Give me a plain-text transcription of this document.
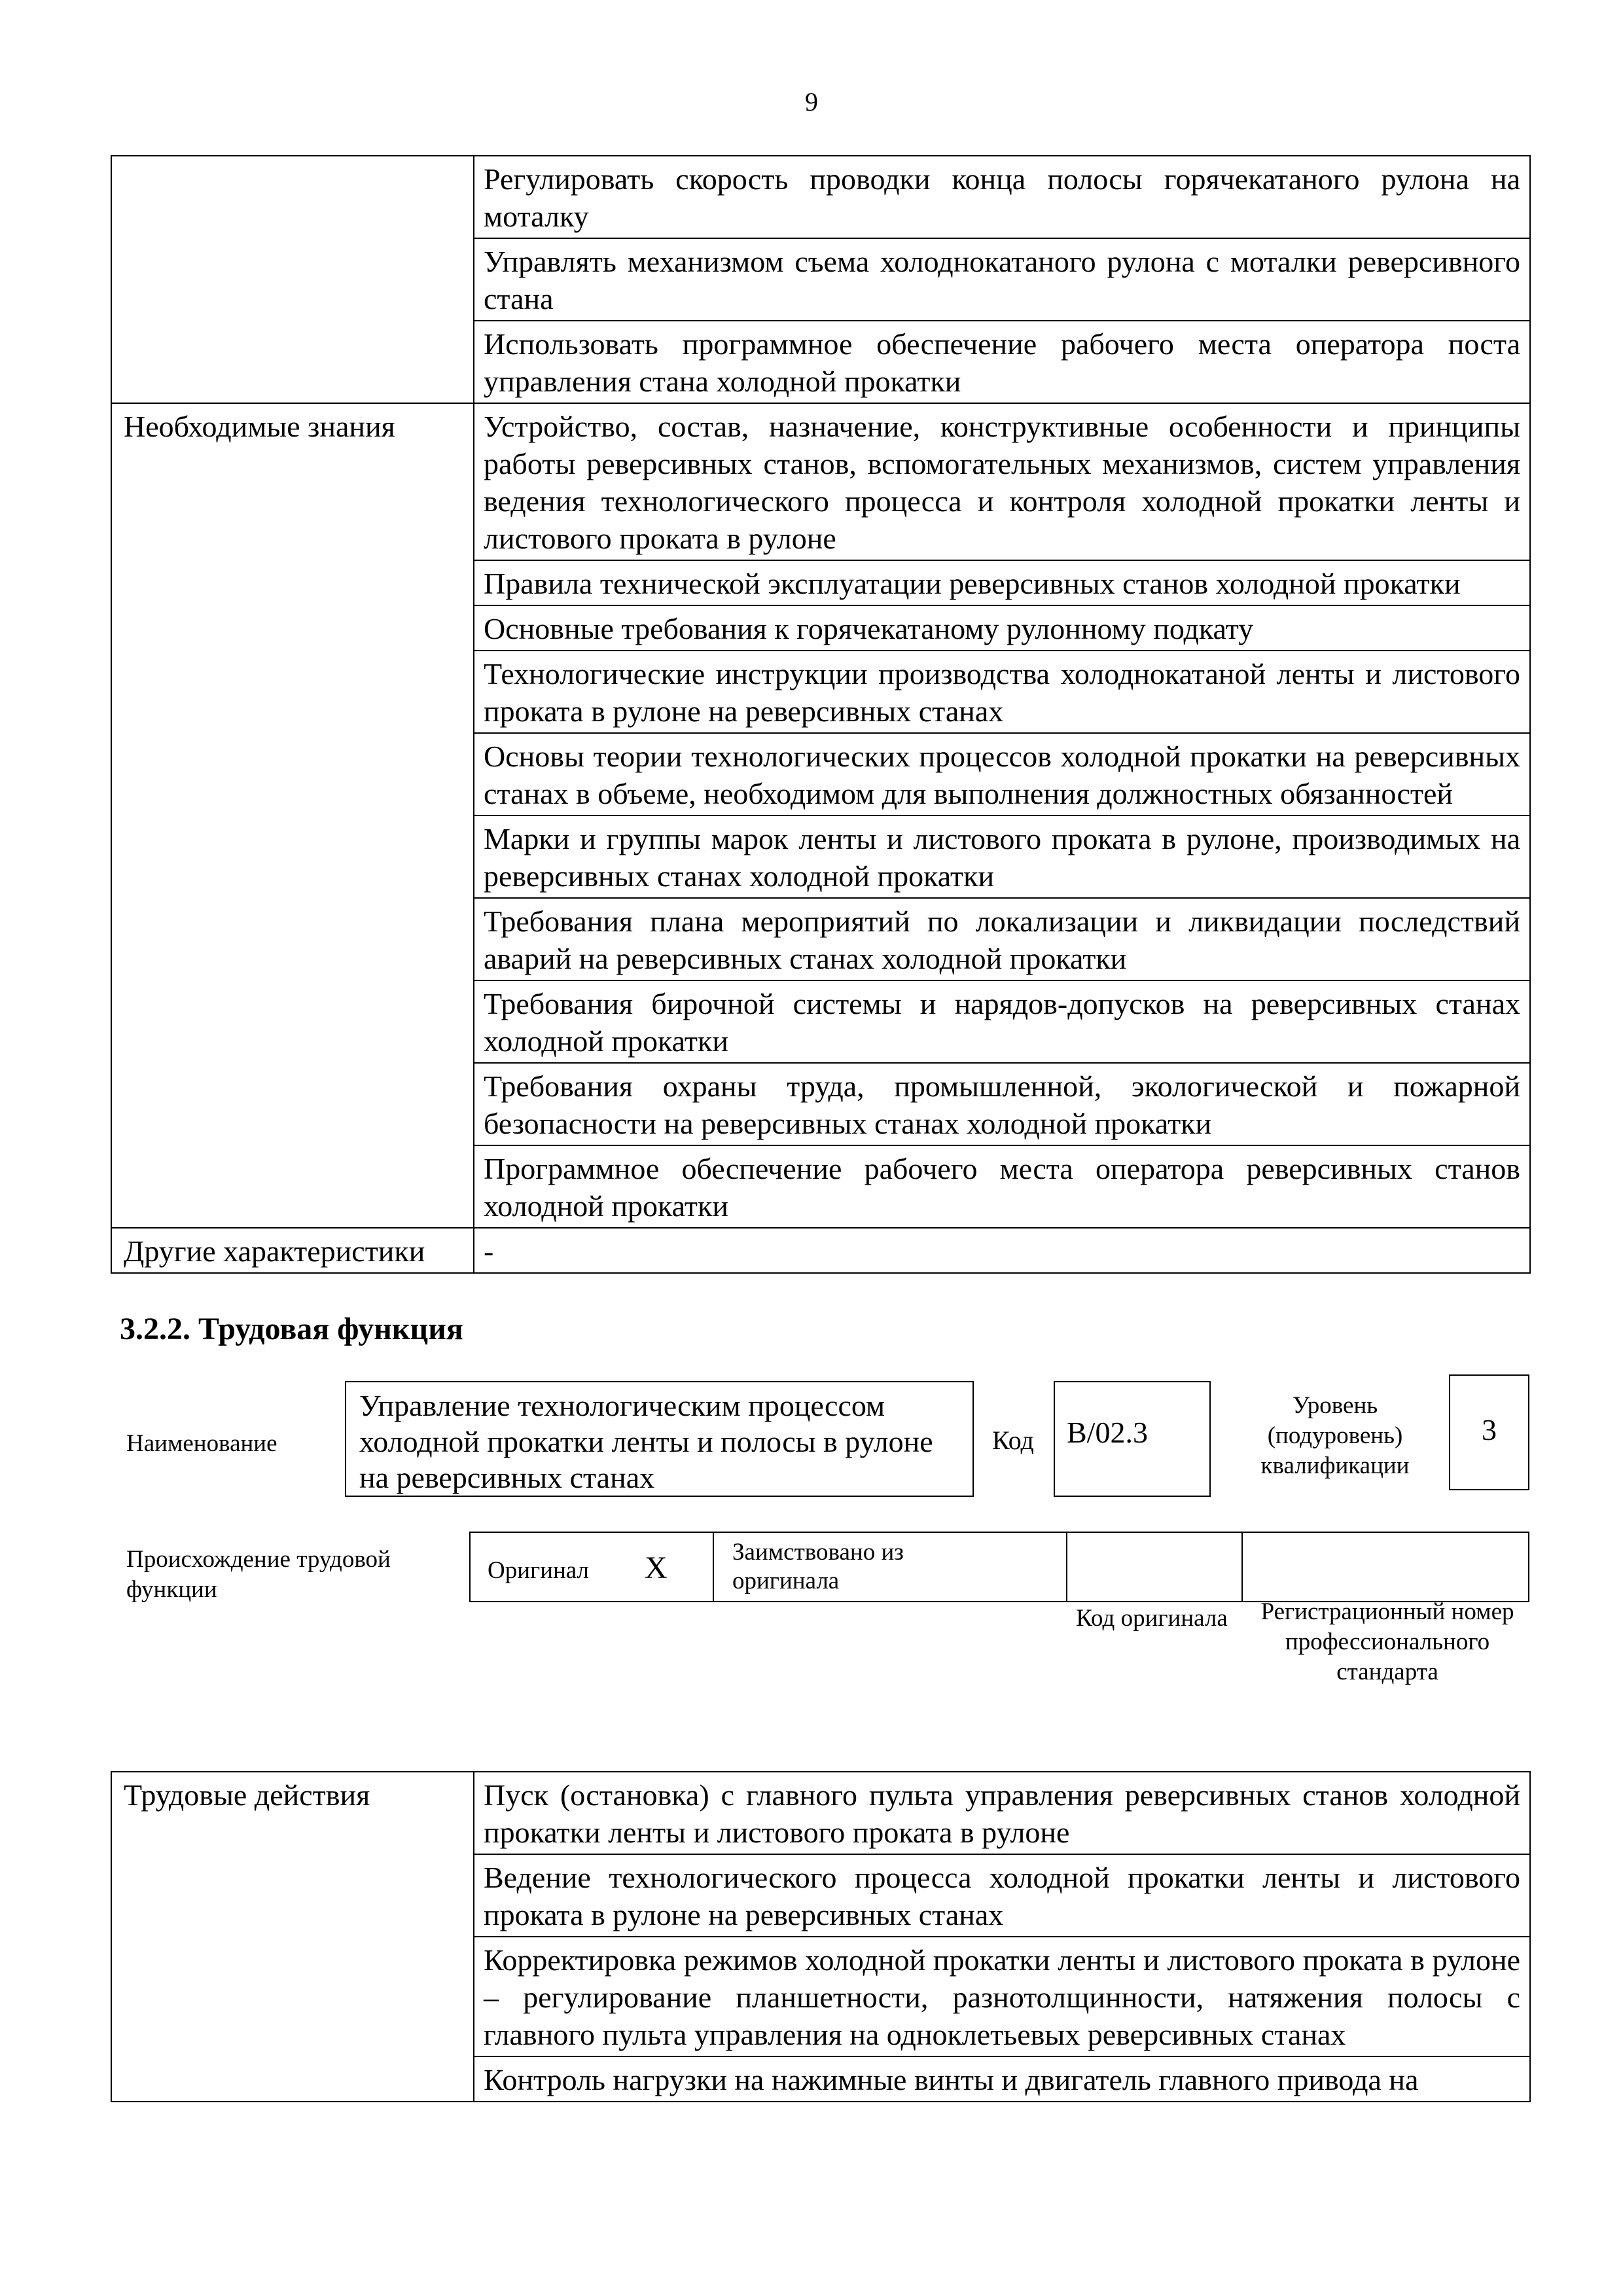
9
	Регулировать скорость проводки конца полосы горячекатаного рулона на моталку
	Управлять механизмом съема холоднокатаного рулона с моталки реверсивного стана
	Использовать программное обеспечение рабочего места оператора поста управления стана холодной прокатки
Необходимые знания	Устройство, состав, назначение, конструктивные особенности и принципы работы реверсивных станов, вспомогательных механизмов, систем управления ведения технологического процесса и контроля холодной прокатки ленты и листового проката в рулоне
	Правила технической эксплуатации реверсивных станов холодной прокатки
	Основные требования к горячекатаному рулонному подкату
	Технологические инструкции производства холоднокатаной ленты и листового проката в рулоне на реверсивных станах
	Основы теории технологических процессов холодной прокатки на реверсивных станах в объеме, необходимом для выполнения должностных обязанностей
	Марки и группы марок ленты и листового проката в рулоне, производимых на реверсивных станах холодной прокатки
	Требования плана мероприятий по локализации и ликвидации последствий аварий на реверсивных станах холодной прокатки
	Требования бирочной системы и нарядов-допусков на реверсивных станах холодной прокатки
	Требования охраны труда, промышленной, экологической и пожарной безопасности на реверсивных станах холодной прокатки
	Программное обеспечение рабочего места оператора реверсивных станов холодной прокатки
Другие характеристики	-
3.2.2. Трудовая функция
Наименование
Управление технологическим процессом холодной прокатки ленты и полосы в рулоне на реверсивных станах
Код	B/02.3
Уровень (подуровень) квалификации
3
Происхождение трудовой функции
Оригинал X	Заимствовано из оригинала
Код оригинала	Регистрационный номер профессионального стандарта
Трудовые действия	Пуск (остановка) с главного пульта управления реверсивных станов холодной прокатки ленты и листового проката в рулоне
Ведение технологического процесса холодной прокатки ленты и листового проката в рулоне на реверсивных станах
Корректировка режимов холодной прокатки ленты и листового проката в рулоне – регулирование планшетности, разнотолщинности, натяжения полосы с главного пульта управления на одноклетьевых реверсивных станах
Контроль нагрузки на нажимные винты и двигатель главного привода на
